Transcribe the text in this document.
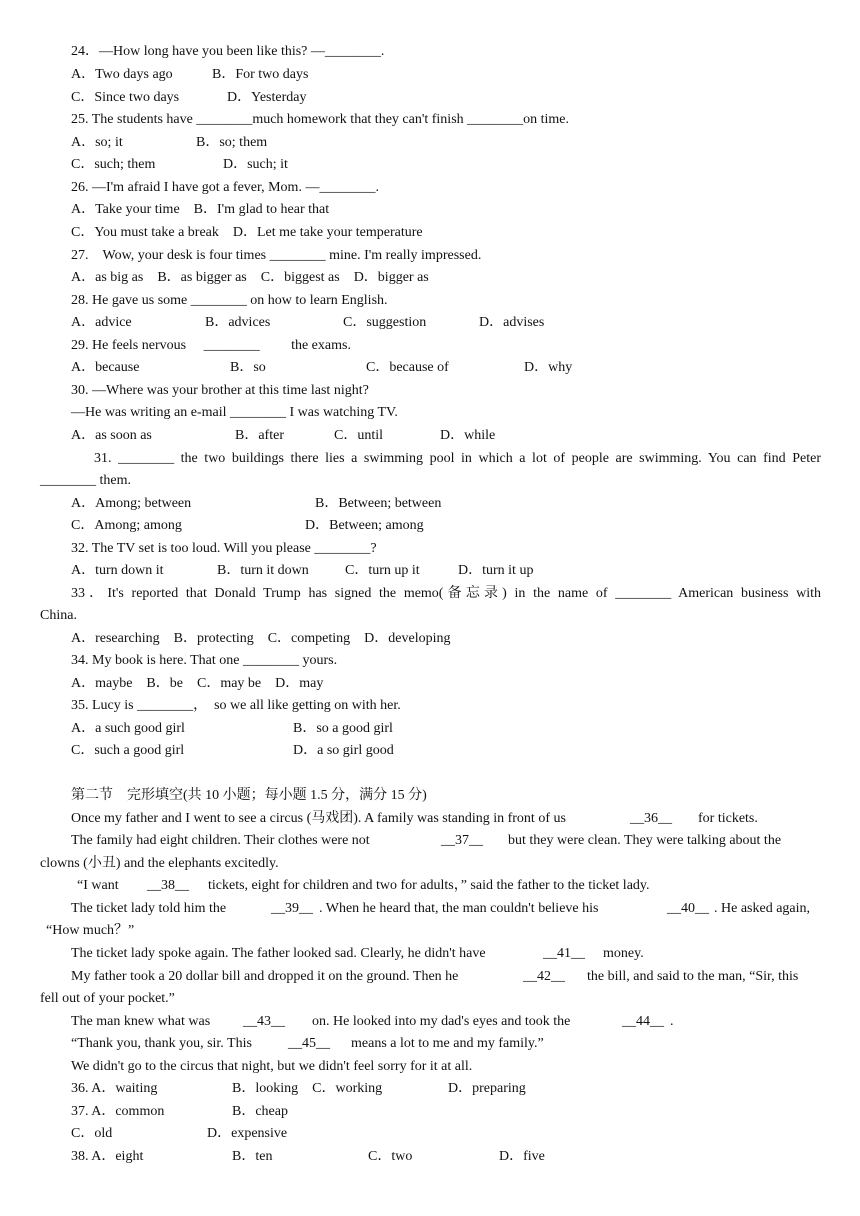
24．—How long have you been like this? —________.
A．Two days ago	B．For two days
C．Since two days	D．Yesterday
25. The students have ________much homework that they can't finish ________on time.
A．so; it	B．so; them
C．such; them	D．such; it
26. —I'm afraid I have got a fever, Mom. —________.
A．Take your time　B．I'm glad to hear that
C．You must take a break　D．Let me take your temperature
27.　Wow, your desk is four times ________ mine. I'm really impressed.
A．as big as　B．as bigger as　C．biggest as　D．bigger as
28. He gave us some ________ on how to learn English.
A．advice	B．advices	C．suggestion	D．advises
29. He feels nervous　 ________　　 the exams.
A．because	B．so	C．because of	D．why
30. —Where was your brother at this time last night?
—He was writing an e-mail ________ I was watching TV.
A．as soon as	B．after	C．until	D．while
31. ________ the two buildings there lies a swimming pool in which a lot of people are swimming. You can find Peter
________ them.
A．Among; between	B．Between; between
C．Among; among	D．Between; among
32. The TV set is too loud. Will you please ________?
A．turn down it	B．turn it down	C．turn up it	D．turn it up
33．It's reported that Donald Trump has signed the memo(备忘录) in the name of ________ American business with
China.
A．researching　B．protecting　C．competing　D．developing
34. My book is here. That one ________ yours.
A．maybe　B．be　C．may be　D．may
35. Lucy is ________，　so we all like getting on with her.
A．a such good girl	B．so a good girl
C．such a good girl	D．a so girl good
第二节　完形填空(共 10 小题；每小题 1.5 分，满分 15 分)
Once my father and I went to see a circus (马戏团). A family was standing in front of us	__36__ for tickets.
The family had eight children. Their clothes were not	__37__ but they were clean. They were talking about the
clowns (小丑) and the elephants excitedly.
“I want __38__ tickets, eight for children and two for adults，” said the father to the ticket lady.
The ticket lady told him the	__39__ . When he heard that, the man couldn't believe his	__40__ . He asked again,
“How much？”
The ticket lady spoke again. The father looked sad. Clearly, he didn't have	__41__ money.
My father took a 20 dollar bill and dropped it on the ground. Then he	__42__ the bill, and said to the man, “Sir, this
fell out of your pocket.”
The man knew what was __43__ on. He looked into my dad's eyes and took the	__44__ .
“Thank you, thank you, sir. This	__45__ means a lot to me and my family.”
We didn't go to the circus that night, but we didn't feel sorry for it at all.
36. A．waiting	B．looking　C．working	D．preparing
37. A．common	B．cheap
C．old	D．expensive
38. A．eight	B．ten	C．two	D．five
